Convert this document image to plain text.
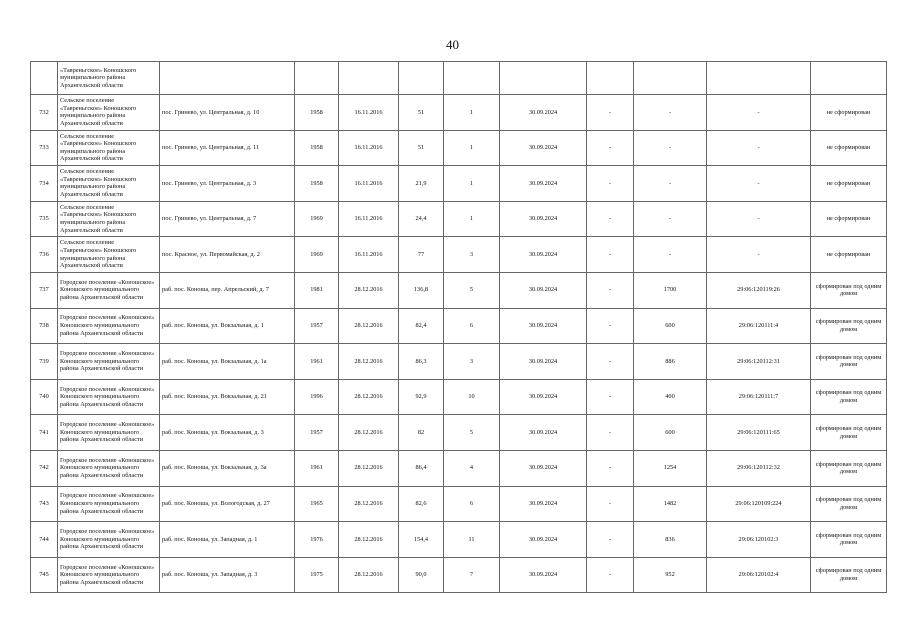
40
	«Тавреньгское» Коношского муниципального района Архангельской области										
732	Сельское поселение «Тавреньгское» Коношского муниципального района Архангельской области	пос. Гринево, ул. Центральная, д. 10	1958	16.11.2016	51	1	30.09.2024	-	-	-	не сформирован
733	Сельское поселение «Тавреньгское» Коношского муниципального района Архангельской области	пос. Гринево, ул. Центральная, д. 11	1958	16.11.2016	51	1	30.09.2024	-	-	-	не сформирован
734	Сельское поселение «Тавреньгское» Коношского муниципального района Архангельской области	пос. Гринево, ул. Центральная, д. 3	1958	16.11.2016	21,9	1	30.09.2024	-	-	-	не сформирован
735	Сельское поселение «Тавреньгское» Коношского муниципального района Архангельской области	пос. Гринево, ул. Центральная, д. 7	1969	16.11.2016	24,4	1	30.09.2024	-	-	-	не сформирован
736	Сельское поселение «Тавреньгское» Коношского муниципального района Архангельской области	пос. Красное, ул. Первомайская, д. 2	1969	16.11.2016	77	3	30.09.2024	-	-	-	не сформирован
737	Городское поселение «Коношское» Коношского муниципального района Архангельской области	раб. пос. Коноша, пер. Апрельский, д. 7	1981	28.12.2016	136,8	5	30.09.2024	-	1700	29:06:120119:26	сформирован под одним домом
738	Городское поселение «Коношское» Коношского муниципального района Архангельской области	раб. пос. Коноша, ул. Вокзальная, д. 1	1957	28.12.2016	82,4	6	30.09.2024	-	600	29:06:120111:4	сформирован под одним домом
739	Городское поселение «Коношское» Коношского муниципального района Архангельской области	раб. пос. Коноша, ул. Вокзальная, д. 1а	1961	28.12.2016	86,3	3	30.09.2024	-	886	29:06:120112:31	сформирован под одним домом
740	Городское поселение «Коношское» Коношского муниципального района Архангельской области	раб. пос. Коноша, ул. Вокзальная, д. 21	1996	28.12.2016	92,9	10	30.09.2024	-	400	29:06:120111:7	сформирован под одним домом
741	Городское поселение «Коношское» Коношского муниципального района Архангельской области	раб. пос. Коноша, ул. Вокзальная, д. 3	1957	28.12.2016	82	5	30.09.2024	-	600	29:06:120111:65	сформирован под одним домом
742	Городское поселение «Коношское» Коношского муниципального района Архангельской области	раб. пос. Коноша, ул. Вокзальная, д. 3а	1961	28.12.2016	86,4	4	30.09.2024	-	1254	29:06:120112:32	сформирован под одним домом
743	Городское поселение «Коношское» Коношского муниципального района Архангельской области	раб. пос. Коноша, ул. Вологодская, д. 27	1965	28.12.2016	82,6	6	30.09.2024	-	1482	29:06:120109:224	сформирован под одним домом
744	Городское поселение «Коношское» Коношского муниципального района Архангельской области	раб. пос. Коноша, ул. Западная, д. 1	1976	28.12.2016	154,4	11	30.09.2024	-	836	29:06:120102:3	сформирован под одним домом
745	Городское поселение «Коношское» Коношского муниципального района Архангельской области	раб. пос. Коноша, ул. Западная, д. 3	1975	28.12.2016	90,0	7	30.09.2024	-	952	29:06:120102:4	сформирован под одним домом
